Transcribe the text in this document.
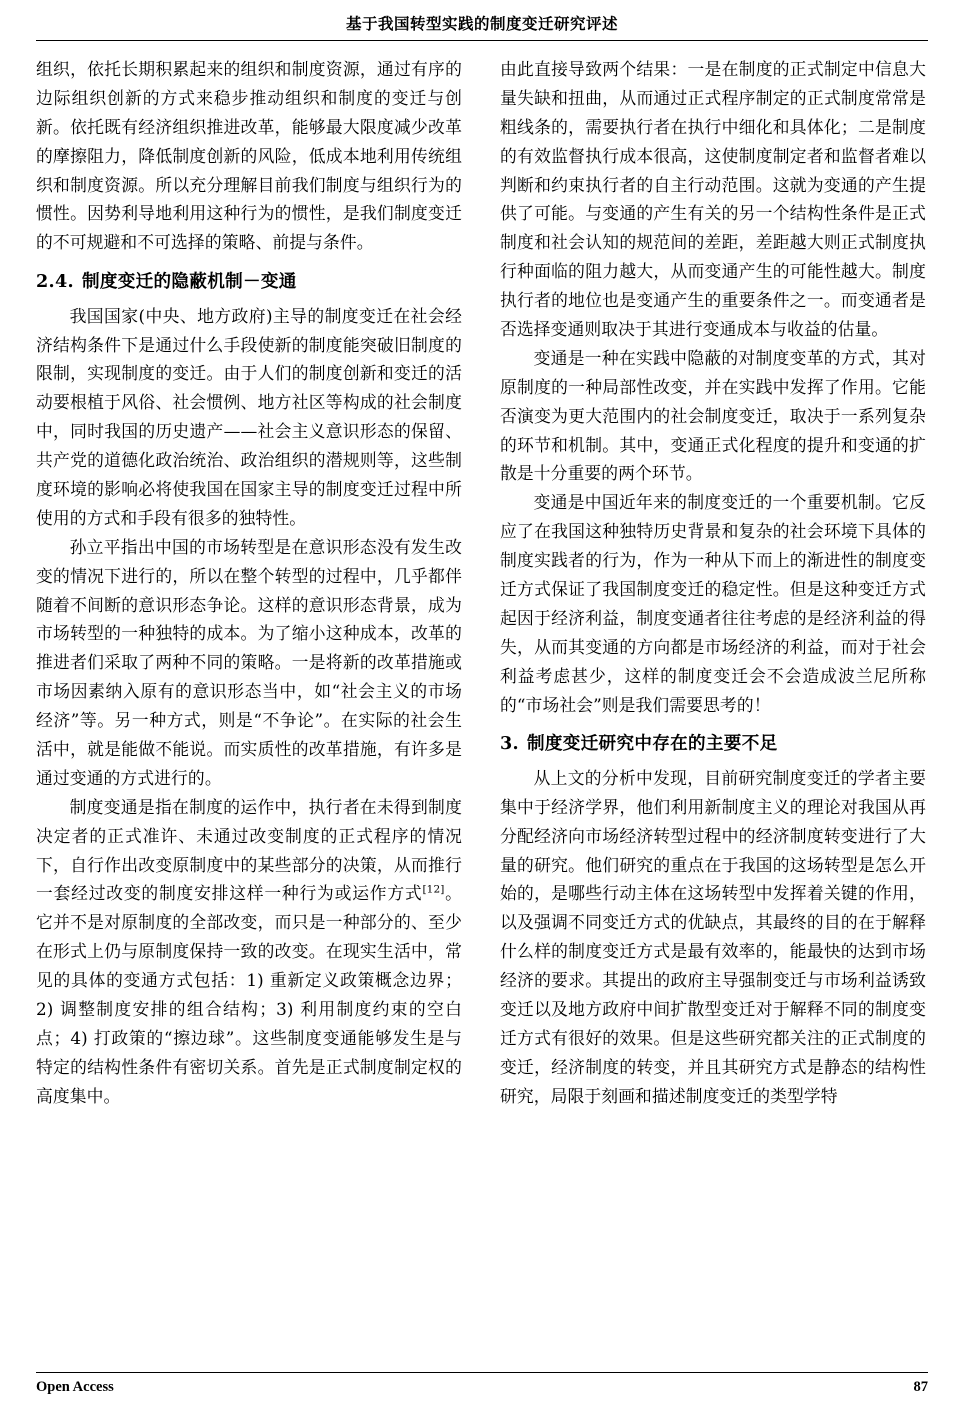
基于我国转型实践的制度变迁研究评述

组织，依托长期积累起来的组织和制度资源，通过有序的边际组织创新的方式来稳步推动组织和制度的变迁与创新。依托既有经济组织推进改革，能够最大限度减少改革的摩擦阻力，降低制度创新的风险，低成本地利用传统组织和制度资源。所以充分理解目前我们制度与组织行为的惯性。因势利导地利用这种行为的惯性，是我们制度变迁的不可规避和不可选择的策略、前提与条件。

2.4. 制度变迁的隐蔽机制－变通

我国国家(中央、地方政府)主导的制度变迁在社会经济结构条件下是通过什么手段使新的制度能突破旧制度的限制，实现制度的变迁。由于人们的制度创新和变迁的活动要根植于风俗、社会惯例、地方社区等构成的社会制度中，同时我国的历史遗产——社会主义意识形态的保留、共产党的道德化政治统治、政治组织的潜规则等，这些制度环境的影响必将使我国在国家主导的制度变迁过程中所使用的方式和手段有很多的独特性。

孙立平指出中国的市场转型是在意识形态没有发生改变的情况下进行的，所以在整个转型的过程中，几乎都伴随着不间断的意识形态争论。这样的意识形态背景，成为市场转型的一种独特的成本。为了缩小这种成本，改革的推进者们采取了两种不同的策略。一是将新的改革措施或市场因素纳入原有的意识形态当中，如“社会主义的市场经济”等。另一种方式，则是“不争论”。在实际的社会生活中，就是能做不能说。而实质性的改革措施，有许多是通过变通的方式进行的。

制度变通是指在制度的运作中，执行者在未得到制度决定者的正式准许、未通过改变制度的正式程序的情况下，自行作出改变原制度中的某些部分的决策，从而推行一套经过改变的制度安排这样一种行为或运作方式[12]。它并不是对原制度的全部改变，而只是一种部分的、至少在形式上仍与原制度保持一致的改变。在现实生活中，常见的具体的变通方式包括：1) 重新定义政策概念边界；2) 调整制度安排的组合结构；3) 利用制度约束的空白点；4) 打政策的“擦边球”。这些制度变通能够发生是与特定的结构性条件有密切关系。首先是正式制度制定权的高度集中。

由此直接导致两个结果：一是在制度的正式制定中信息大量失缺和扭曲，从而通过正式程序制定的正式制度常常是粗线条的，需要执行者在执行中细化和具体化；二是制度的有效监督执行成本很高，这使制度制定者和监督者难以判断和约束执行者的自主行动范围。这就为变通的产生提供了可能。与变通的产生有关的另一个结构性条件是正式制度和社会认知的规范间的差距，差距越大则正式制度执行种面临的阻力越大，从而变通产生的可能性越大。制度执行者的地位也是变通产生的重要条件之一。而变通者是否选择变通则取决于其进行变通成本与收益的估量。

变通是一种在实践中隐蔽的对制度变革的方式，其对原制度的一种局部性改变，并在实践中发挥了作用。它能否演变为更大范围内的社会制度变迁，取决于一系列复杂的环节和机制。其中，变通正式化程度的提升和变通的扩散是十分重要的两个环节。

变通是中国近年来的制度变迁的一个重要机制。它反应了在我国这种独特历史背景和复杂的社会环境下具体的制度实践者的行为，作为一种从下而上的渐进性的制度变迁方式保证了我国制度变迁的稳定性。但是这种变迁方式起因于经济利益，制度变通者往往考虑的是经济利益的得失，从而其变通的方向都是市场经济的利益，而对于社会利益考虑甚少，这样的制度变迁会不会造成波兰尼所称的“市场社会”则是我们需要思考的！

3. 制度变迁研究中存在的主要不足

从上文的分析中发现，目前研究制度变迁的学者主要集中于经济学界，他们利用新制度主义的理论对我国从再分配经济向市场经济转型过程中的经济制度转变进行了大量的研究。他们研究的重点在于我国的这场转型是怎么开始的，是哪些行动主体在这场转型中发挥着关键的作用，以及强调不同变迁方式的优缺点，其最终的目的在于解释什么样的制度变迁方式是最有效率的，能最快的达到市场经济的要求。其提出的政府主导强制变迁与市场利益诱致变迁以及地方政府中间扩散型变迁对于解释不同的制度变迁方式有很好的效果。但是这些研究都关注的正式制度的变迁，经济制度的转变，并且其研究方式是静态的结构性研究，局限于刻画和描述制度变迁的类型学特

Open Access	87
